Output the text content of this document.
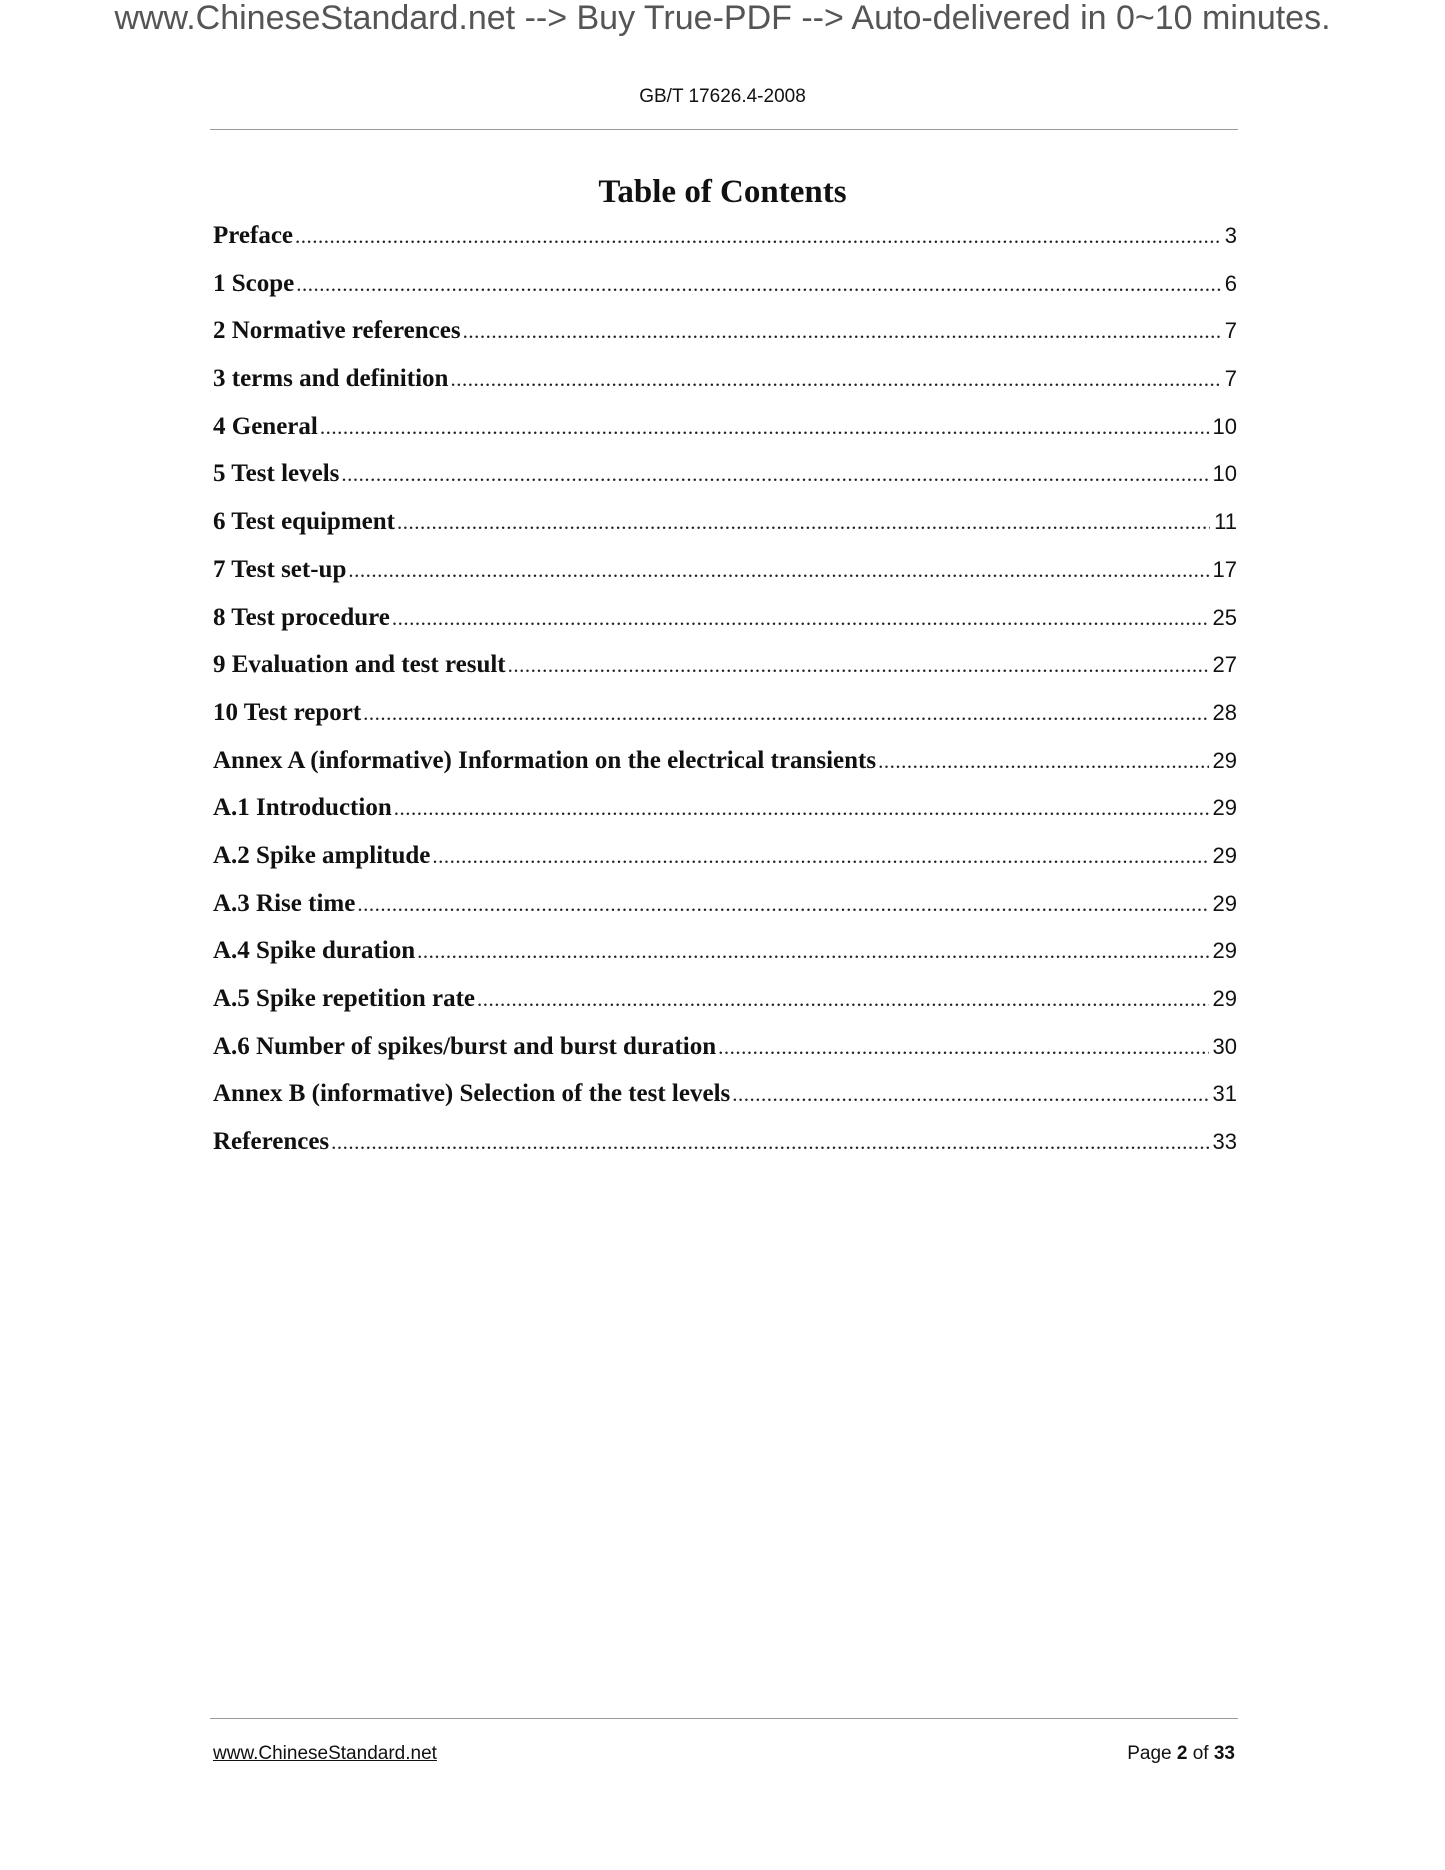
www.ChineseStandard.net --> Buy True-PDF --> Auto-delivered in 0~10 minutes.
GB/T 17626.4-2008
Table of Contents
Preface .....	3
1 Scope .....	6
2 Normative references .....	7
3 terms and definition .....	7
4 General .....	10
5 Test levels .....	10
6 Test equipment .....	11
7 Test set-up .....	17
8 Test procedure .....	25
9 Evaluation and test result .....	27
10 Test report .....	28
Annex A (informative) Information on the electrical transients .....	29
A.1 Introduction .....	29
A.2 Spike amplitude .....	29
A.3 Rise time .....	29
A.4 Spike duration .....	29
A.5 Spike repetition rate .....	29
A.6 Number of spikes/burst and burst duration .....	30
Annex B (informative) Selection of the test levels .....	31
References .....	33
www.ChineseStandard.net	Page 2 of 33
